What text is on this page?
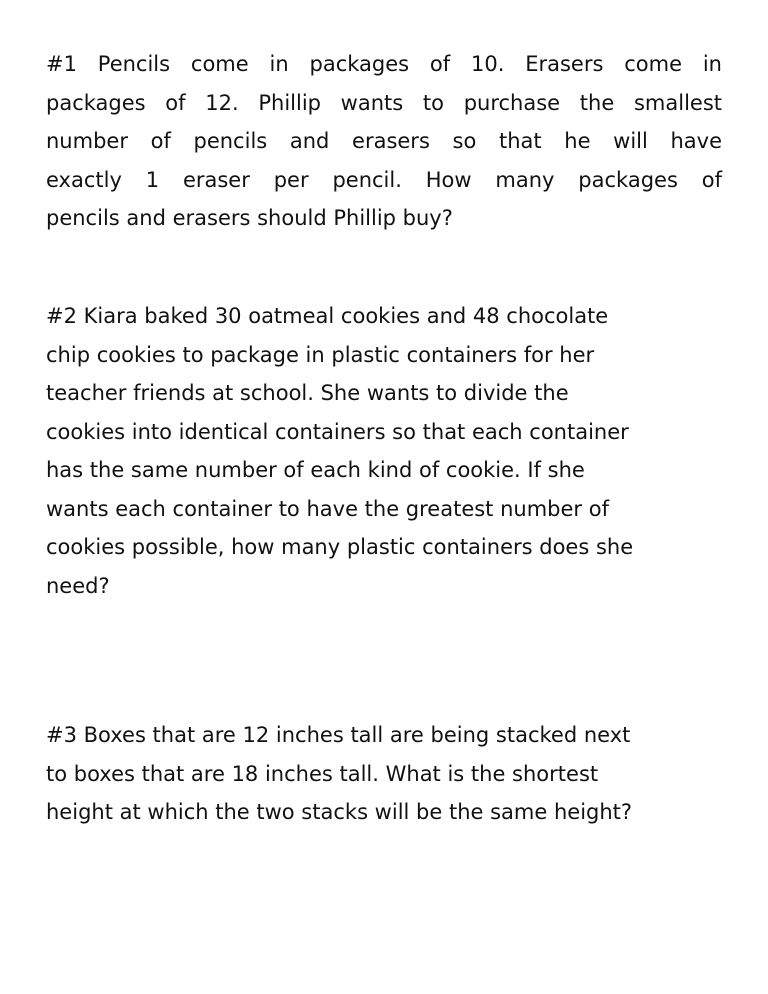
#1 Pencils come in packages of 10. Erasers come in
packages of 12. Phillip wants to purchase the smallest
number of pencils and erasers so that he will have
exactly 1 eraser per pencil. How many packages of
pencils and erasers should Phillip buy?
#2 Kiara baked 30 oatmeal cookies and 48 chocolate
chip cookies to package in plastic containers for her
teacher friends at school. She wants to divide the
cookies into identical containers so that each container
has the same number of each kind of cookie. If she
wants each container to have the greatest number of
cookies possible, how many plastic containers does she
need?
#3 Boxes that are 12 inches tall are being stacked next
to boxes that are 18 inches tall. What is the shortest
height at which the two stacks will be the same height?
